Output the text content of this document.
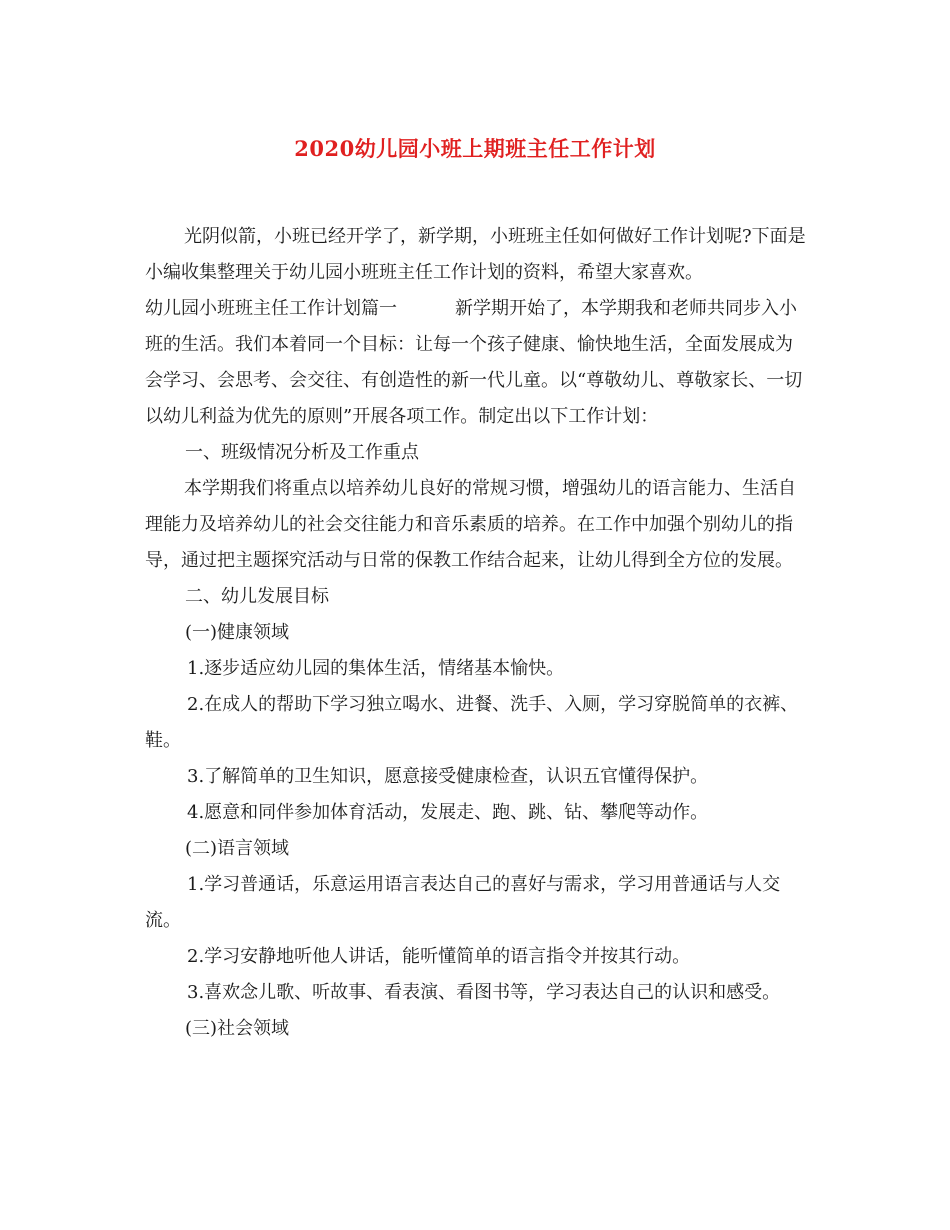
2020幼儿园小班上期班主任工作计划

光阴似箭，小班已经开学了，新学期，小班班主任如何做好工作计划呢?下面是小编收集整理关于幼儿园小班班主任工作计划的资料，希望大家喜欢。

幼儿园小班班主任工作计划篇一	新学期开始了，本学期我和老师共同步入小班的生活。我们本着同一个目标：让每一个孩子健康、愉快地生活，全面发展成为会学习、会思考、会交往、有创造性的新一代儿童。以“尊敬幼儿、尊敬家长、一切以幼儿利益为优先的原则”开展各项工作。制定出以下工作计划：

一、班级情况分析及工作重点

本学期我们将重点以培养幼儿良好的常规习惯，增强幼儿的语言能力、生活自理能力及培养幼儿的社会交往能力和音乐素质的培养。在工作中加强个别幼儿的指导，通过把主题探究活动与日常的保教工作结合起来，让幼儿得到全方位的发展。

二、幼儿发展目标

(一)健康领域

1.逐步适应幼儿园的集体生活，情绪基本愉快。

2.在成人的帮助下学习独立喝水、进餐、洗手、入厕，学习穿脱简单的衣裤、鞋。

3.了解简单的卫生知识，愿意接受健康检查，认识五官懂得保护。

4.愿意和同伴参加体育活动，发展走、跑、跳、钻、攀爬等动作。

(二)语言领域

1.学习普通话，乐意运用语言表达自己的喜好与需求，学习用普通话与人交流。

2.学习安静地听他人讲话，能听懂简单的语言指令并按其行动。

3.喜欢念儿歌、听故事、看表演、看图书等，学习表达自己的认识和感受。

(三)社会领域
